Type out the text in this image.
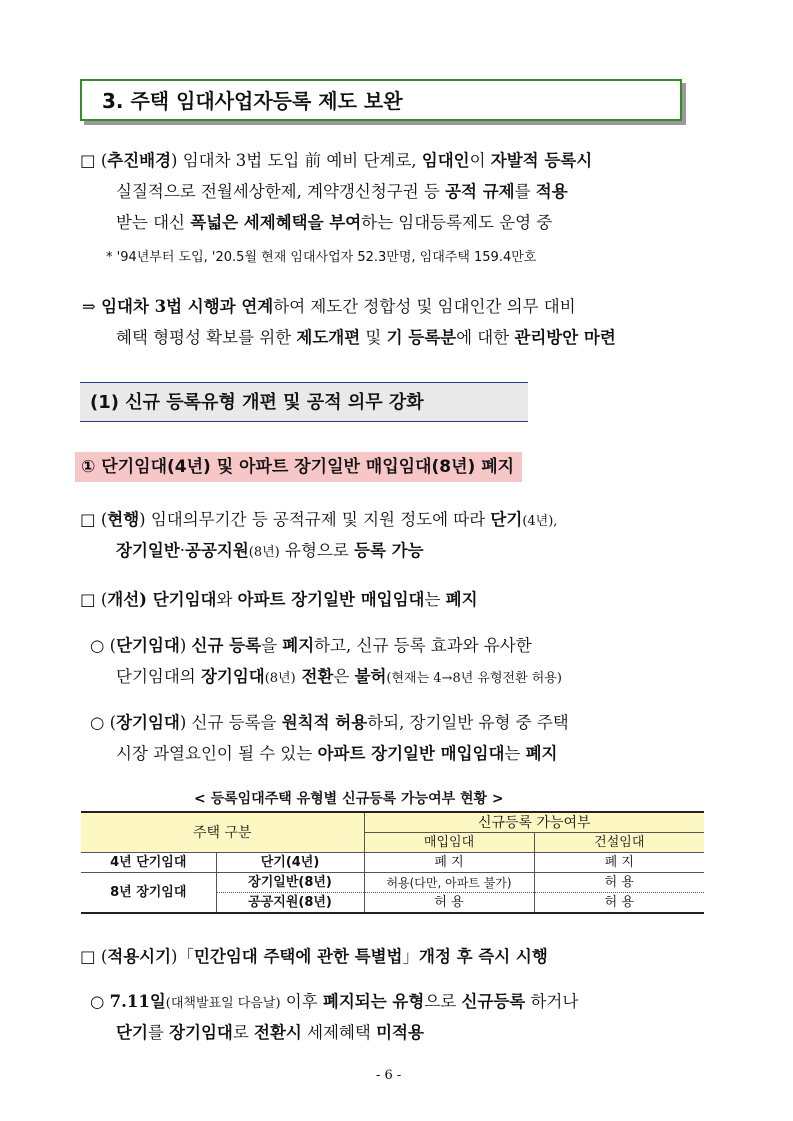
3. 주택 임대사업자등록 제도 보완
□ (추진배경) 임대차 3법 도입 前 예비 단계로, 임대인이 자발적 등록시
실질적으로 전월세상한제, 계약갱신청구권 등 공적 규제를 적용
받는 대신 폭넓은 세제혜택을 부여하는 임대등록제도 운영 중
* '94년부터 도입, '20.5월 현재 임대사업자 52.3만명, 임대주택 159.4만호
⇒ 임대차 3법 시행과 연계하여 제도간 정합성 및 임대인간 의무 대비
혜택 형평성 확보를 위한 제도개편 및 기 등록분에 대한 관리방안 마련
(1) 신규 등록유형 개편 및 공적 의무 강화
① 단기임대(4년) 및 아파트 장기일반 매입임대(8년) 폐지
□ (현행) 임대의무기간 등 공적규제 및 지원 정도에 따라 단기(4년),
장기일반·공공지원(8년) 유형으로 등록 가능
□ (개선) 단기임대와 아파트 장기일반 매입임대는 폐지
○ (단기임대) 신규 등록을 폐지하고, 신규 등록 효과와 유사한
단기임대의 장기임대(8년) 전환은 불허(현재는 4→8년 유형전환 허용)
○ (장기임대) 신규 등록을 원칙적 허용하되, 장기일반 유형 중 주택
시장 과열요인이 될 수 있는 아파트 장기일반 매입임대는 폐지
< 등록임대주택 유형별 신규등록 가능여부 현황 >
주택 구분		신규등록 가능여부	
		매입임대	건설임대
4년 단기임대	단기(4년)	폐 지	폐 지
8년 장기임대	장기일반(8년)	허용(다만, 아파트 불가)	허 용
	공공지원(8년)	허 용	허 용
□ (적용시기)「민간임대 주택에 관한 특별법」개정 후 즉시 시행
○ 7.11일(대책발표일 다음날) 이후 폐지되는 유형으로 신규등록 하거나
단기를 장기임대로 전환시 세제혜택 미적용
- 6 -
